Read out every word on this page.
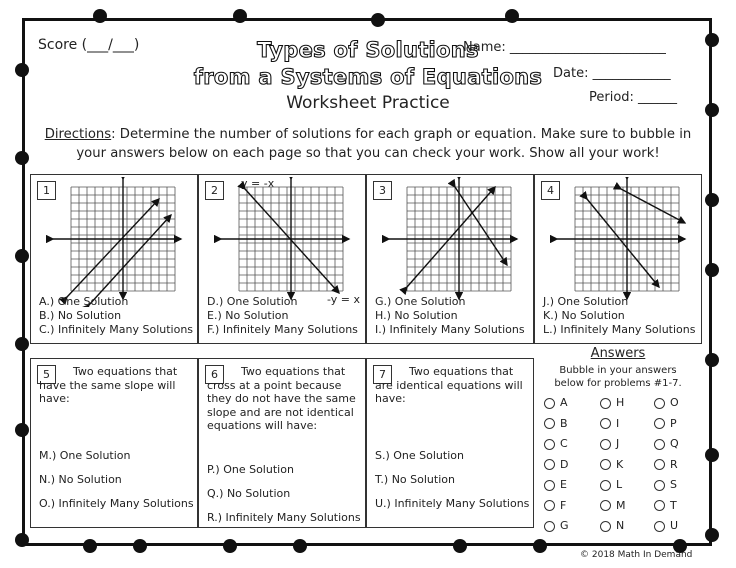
Score (___/___)	Types of Solutions
from a Systems of Equations
Worksheet Practice
Name: ________________________
Date: ____________
Period: ______
Directions: Determine the number of solutions for each graph or equation. Make sure to bubble in your answers below on each page so that you can check your work. Show all your work!
1
A.) One Solution
B.) No Solution
C.) Infinitely Many Solutions
2
y = -x
-y = x
D.) One Solution
E.) No Solution
F.) Infinitely Many Solutions
3
G.) One Solution
H.) No Solution
I.) Infinitely Many Solutions
4
J.) One Solution
K.) No Solution
L.) Infinitely Many Solutions
5	Two equations that have the same slope will have:
M.) One Solution
N.) No Solution
O.) Infinitely Many Solutions
6	Two equations that cross at a point because they do not have the same slope and are not identical equations will have:
P.) One Solution
Q.) No Solution
R.) Infinitely Many Solutions
7	Two equations that are identical equations will have:
S.) One Solution
T.) No Solution
U.) Infinitely Many Solutions
Answers
Bubble in your answers below for problems #1-7.
A	H	O
B	I	P
C	J	Q
D	K	R
E	L	S
F	M	T
G	N	U
© 2018 Math In Demand
